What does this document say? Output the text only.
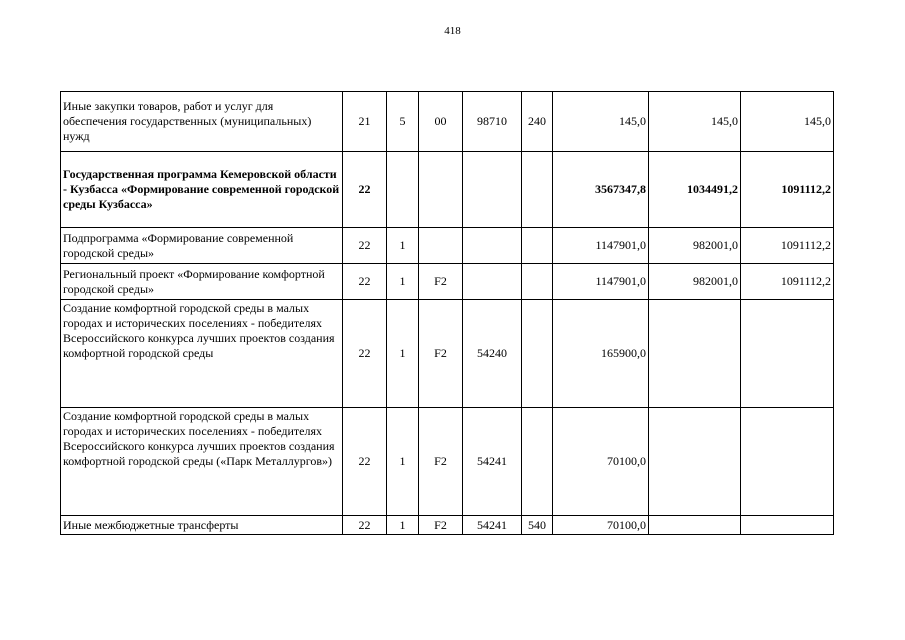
418
Иные закупки товаров, работ и услуг для обеспечения государственных (муниципальных) нужд	21	5	00	98710	240	145,0	145,0	145,0
Государственная программа Кемеровской области - Кузбасса «Формирование современной городской среды Кузбасса»	22					3567347,8	1034491,2	1091112,2
Подпрограмма «Формирование современной городской среды»	22	1				1147901,0	982001,0	1091112,2
Региональный проект «Формирование комфортной городской среды»	22	1	F2			1147901,0	982001,0	1091112,2
Создание комфортной городской среды в малых городах и исторических поселениях - победителях Всероссийского конкурса лучших проектов создания комфортной городской среды	22	1	F2	54240		165900,0		
Создание комфортной городской среды в малых городах и исторических поселениях - победителях Всероссийского конкурса лучших проектов создания комфортной городской среды («Парк Металлургов»)	22	1	F2	54241		70100,0		
Иные межбюджетные трансферты	22	1	F2	54241	540	70100,0		
